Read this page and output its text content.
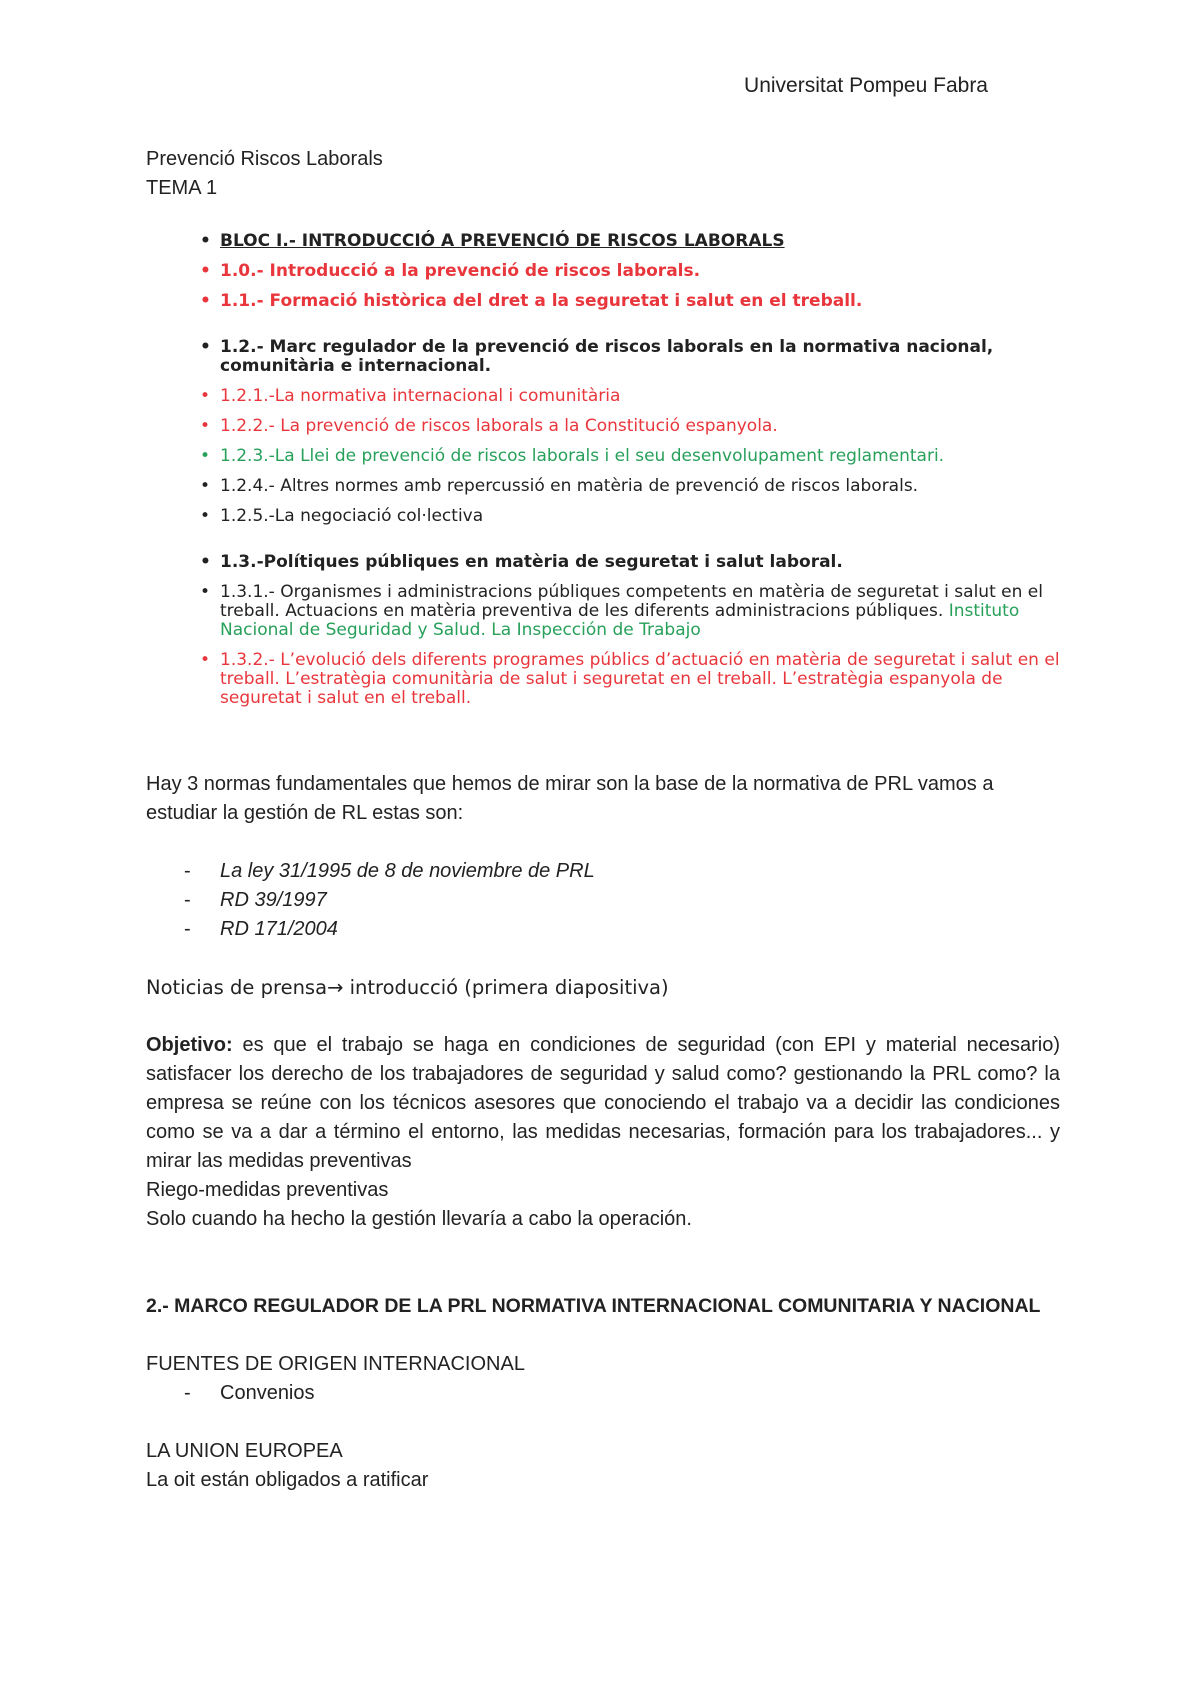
Universitat Pompeu Fabra
Prevenció Riscos Laborals
TEMA 1
• BLOC I.- INTRODUCCIÓ A PREVENCIÓ DE RISCOS LABORALS
• 1.0.- Introducció a la prevenció de riscos laborals.
• 1.1.- Formació històrica del dret a la seguretat i salut en el treball.
• 1.2.- Marc regulador de la prevenció de riscos laborals en la normativa nacional, comunitària e internacional.
• 1.2.1.-La normativa internacional i comunitària
• 1.2.2.- La prevenció de riscos laborals a la Constitució espanyola.
• 1.2.3.-La Llei de prevenció de riscos laborals i el seu desenvolupament reglamentari.
• 1.2.4.- Altres normes amb repercussió en matèria de prevenció de riscos laborals.
• 1.2.5.-La negociació col·lectiva
• 1.3.-Polítiques públiques en matèria de seguretat i salut laboral.
• 1.3.1.- Organismes i administracions públiques competents en matèria de seguretat i salut en el treball. Actuacions en matèria preventiva de les diferents administracions públiques. Instituto Nacional de Seguridad y Salud. La Inspección de Trabajo
• 1.3.2.- L’evolució dels diferents programes públics d’actuació en matèria de seguretat i salut en el treball. L’estratègia comunitària de salut i seguretat en el treball. L’estratègia espanyola de seguretat i salut en el treball.

Hay 3 normas fundamentales que hemos de mirar son la base de la normativa de PRL vamos a estudiar la gestión de RL estas son:

- La ley 31/1995 de 8 de noviembre de PRL
- RD 39/1997
- RD 171/2004

Noticias de prensa→ introducció (primera diapositiva)

Objetivo: es que el trabajo se haga en condiciones de seguridad (con EPI y material necesario) satisfacer los derecho de los trabajadores de seguridad y salud como? gestionando la PRL como? la empresa se reúne con los técnicos asesores que conociendo el trabajo va a decidir las condiciones como se va a dar a término el entorno, las medidas necesarias, formación para los trabajadores... y mirar las medidas preventivas

Riego-medidas preventivas

Solo cuando ha hecho la gestión llevaría a cabo la operación.

2.- MARCO REGULADOR DE LA PRL NORMATIVA INTERNACIONAL COMUNITARIA Y NACIONAL

FUENTES DE ORIGEN INTERNACIONAL

- Convenios

LA UNION EUROPEA

La oit están obligados a ratificar
